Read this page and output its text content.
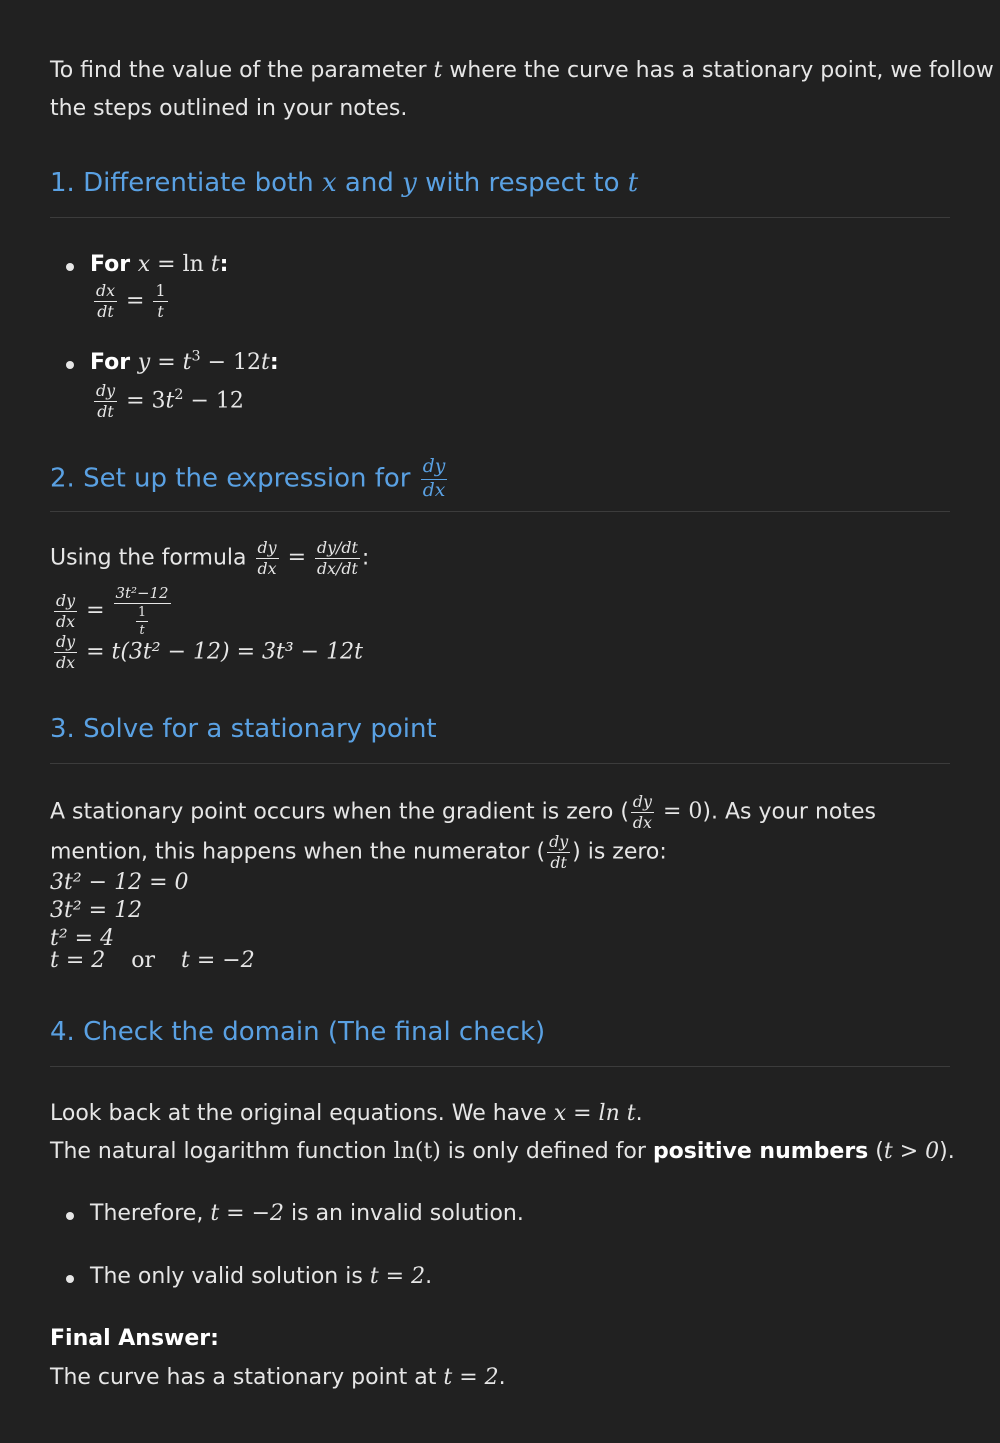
To find the value of the parameter t where the curve has a stationary point, we follow
the steps outlined in your notes.
1. Differentiate both x and y with respect to t
For x = ln t:
$\frac{dx}{dt} = \frac{1}{t}$
For $y = t^3 - 12t$:
$\frac{dy}{dt} = 3t^2 - 12$
2. Set up the expression for $\frac{dy}{dx}$
Using the formula $\frac{dy}{dx} = \frac{dy/dt}{dx/dt}$ :
$\frac{dy}{dx} = \frac{\text{3t²−12}}{\frac{1}{t}}$
$\frac{dy}{dx} = t(3t^2 - 12) = 3t^3 - 12t$
3. Solve for a stationary point
A stationary point occurs when the gradient is zero ( $\frac{dy}{dx} = 0$). As your notes
mention, this happens when the numerator ( $\frac{dy}{dt}$ ) is zero:
3t² − 12 = 0
3t² = 12
t² = 4
t = 2 or t = −2
4. Check the domain (The final check)
Look back at the original equations. We have x = ln t.
The natural logarithm function ln(t) is only defined for positive numbers (t > 0).
Therefore, t = −2 is an invalid solution.
The only valid solution is t = 2.
Final Answer:
The curve has a stationary point at t = 2.
